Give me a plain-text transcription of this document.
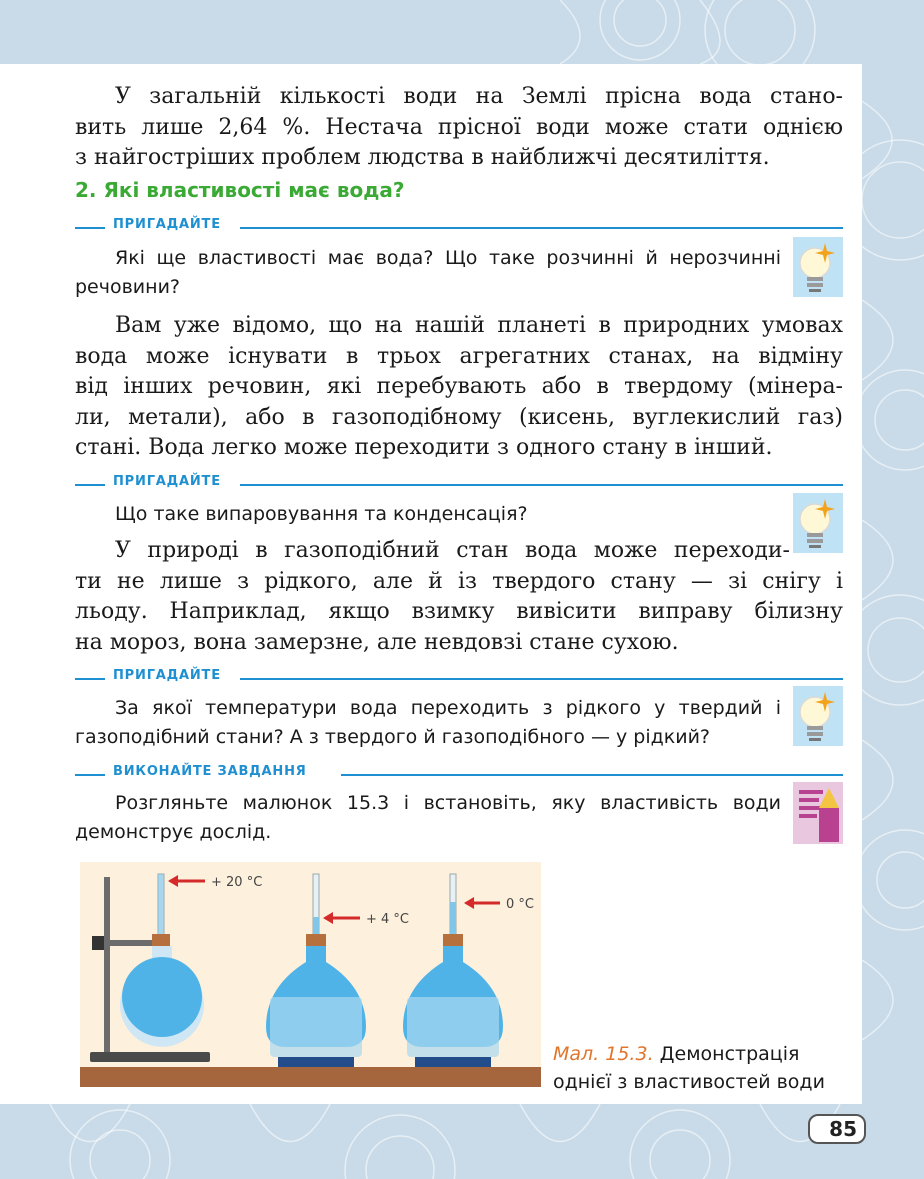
У загальній кількості води на Землі прісна вода стано-
вить лише 2,64 %. Нестача прісної води може стати однією
з найгостріших проблем людства в найближчі десятиліття.
2. Які властивості має вода?
ПРИГАДАЙТЕ
Які ще властивості має вода? Що таке розчинні й нерозчинні
речовини?
Вам уже відомо, що на нашій планеті в природних умовах
вода може існувати в трьох агрегатних станах, на відміну
від інших речовин, які перебувають або в твердому (мінера-
ли, метали), або в газоподібному (кисень, вуглекислий газ)
стані. Вода легко може переходити з одного стану в інший.
ПРИГАДАЙТЕ
Що таке випаровування та конденсація?
У природі в газоподібний стан вода може переходи-
ти не лише з рідкого, але й із твердого стану — зі снігу і
льоду. Наприклад, якщо взимку вивісити виправу білизну
на мороз, вона замерзне, але невдовзі стане сухою.
ПРИГАДАЙТЕ
За якої температури вода переходить з рідкого у твердий і
газоподібний стани? А з твердого й газоподібного — у рідкий?
ВИКОНАЙТЕ ЗАВДАННЯ
Розгляньте малюнок 15.3 і встановіть, яку властивість води
демонструє дослід.
+ 20 °C
+ 4 °C
0 °C
Мал. 15.3. Демонстрація
однієї з властивостей води
85
